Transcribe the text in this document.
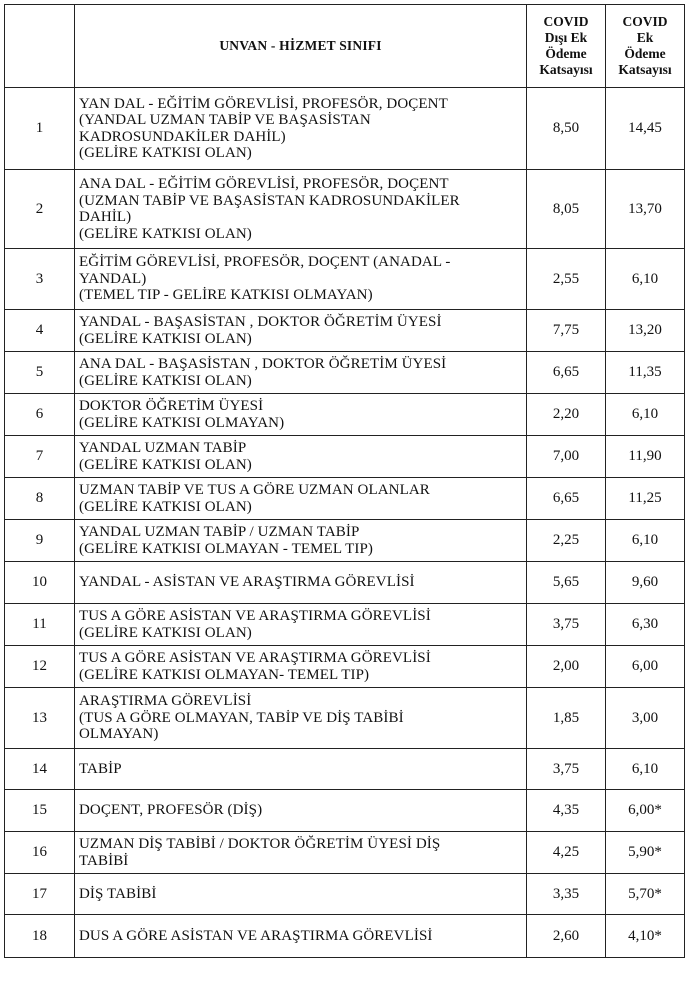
	UNVAN - HİZMET SINIFI	COVID
Dışı Ek
Ödeme
Katsayısı	COVID
Ek
Ödeme
Katsayısı

1	YAN DAL - EĞİTİM GÖREVLİSİ, PROFESÖR, DOÇENT
(YANDAL UZMAN TABİP VE BAŞASİSTAN
KADROSUNDAKİLER DAHİL)
(GELİRE KATKISI OLAN)	8,50	14,45
2	ANA DAL - EĞİTİM GÖREVLİSİ, PROFESÖR, DOÇENT
(UZMAN TABİP VE BAŞASİSTAN KADROSUNDAKİLER
DAHİL)
(GELİRE KATKISI OLAN)	8,05	13,70
3	EĞİTİM GÖREVLİSİ, PROFESÖR, DOÇENT (ANADAL -
YANDAL)
(TEMEL TIP - GELİRE KATKISI OLMAYAN)	2,55	6,10
4	YANDAL - BAŞASİSTAN , DOKTOR ÖĞRETİM ÜYESİ
(GELİRE KATKISI OLAN)	7,75	13,20
5	ANA DAL - BAŞASİSTAN , DOKTOR ÖĞRETİM ÜYESİ
(GELİRE KATKISI OLAN)	6,65	11,35
6	DOKTOR ÖĞRETİM ÜYESİ
(GELİRE KATKISI OLMAYAN)	2,20	6,10
7	YANDAL UZMAN TABİP
(GELİRE KATKISI OLAN)	7,00	11,90
8	UZMAN TABİP VE TUS A GÖRE UZMAN OLANLAR
(GELİRE KATKISI OLAN)	6,65	11,25
9	YANDAL UZMAN TABİP / UZMAN TABİP
(GELİRE KATKISI OLMAYAN - TEMEL TIP)	2,25	6,10
10	YANDAL - ASİSTAN VE ARAŞTIRMA GÖREVLİSİ	5,65	9,60
11	TUS A GÖRE ASİSTAN VE ARAŞTIRMA GÖREVLİSİ
(GELİRE KATKISI OLAN)	3,75	6,30
12	TUS A GÖRE ASİSTAN VE ARAŞTIRMA GÖREVLİSİ
(GELİRE KATKISI OLMAYAN- TEMEL TIP)	2,00	6,00
13	ARAŞTIRMA GÖREVLİSİ
(TUS A GÖRE OLMAYAN, TABİP VE DİŞ TABİBİ
OLMAYAN)	1,85	3,00
14	TABİP	3,75	6,10
15	DOÇENT, PROFESÖR (DİŞ)	4,35	6,00*
16	UZMAN DİŞ TABİBİ / DOKTOR ÖĞRETİM ÜYESİ DİŞ
TABİBİ	4,25	5,90*
17	DİŞ TABİBİ	3,35	5,70*
18	DUS A GÖRE ASİSTAN VE ARAŞTIRMA GÖREVLİSİ	2,60	4,10*
